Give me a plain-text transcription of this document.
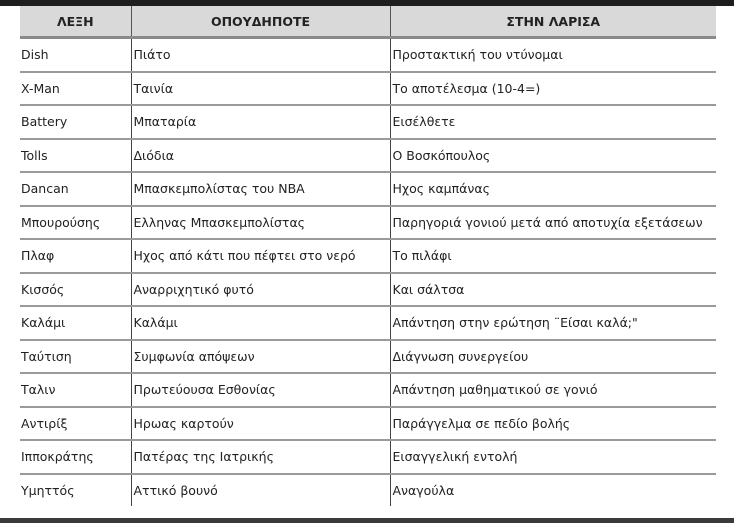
ΛΕΞΗ	ΟΠΟΥΔΗΠΟΤΕ	ΣΤΗΝ ΛΑΡΙΣΑ
Dish	Πιάτο	Προστακτική του ντύνομαι
X-Man	Ταινία	Το αποτέλεσμα (10-4=)
Battery	Μπαταρία	Εισέλθετε
Tolls	Διόδια	Ο Βοσκόπουλος
Dancan	Μπασκεμπολίστας του NBA	Ηχος καμπάνας
Μπουρούσης	Ελληνας Μπασκεμπολίστας	Παρηγοριά γονιού μετά από αποτυχία εξετάσεων
Πλαφ	Ηχος από κάτι που πέφτει στο νερό	Το πιλάφι
Κισσός	Αναρριχητικό φυτό	Και σάλτσα
Καλάμι	Καλάμι	Απάντηση στην ερώτηση ¨Είσαι καλά;"
Ταύτιση	Συμφωνία απόψεων	Διάγνωση συνεργείου
Ταλιν	Πρωτεύουσα Εσθονίας	Απάντηση μαθηματικού σε γονιό
Αντιρίξ	Ηρωας καρτούν	Παράγγελμα σε πεδίο βολής
Ιπποκράτης	Πατέρας της Ιατρικής	Εισαγγελική εντολή
Υμηττός	Αττικό βουνό	Αναγούλα
